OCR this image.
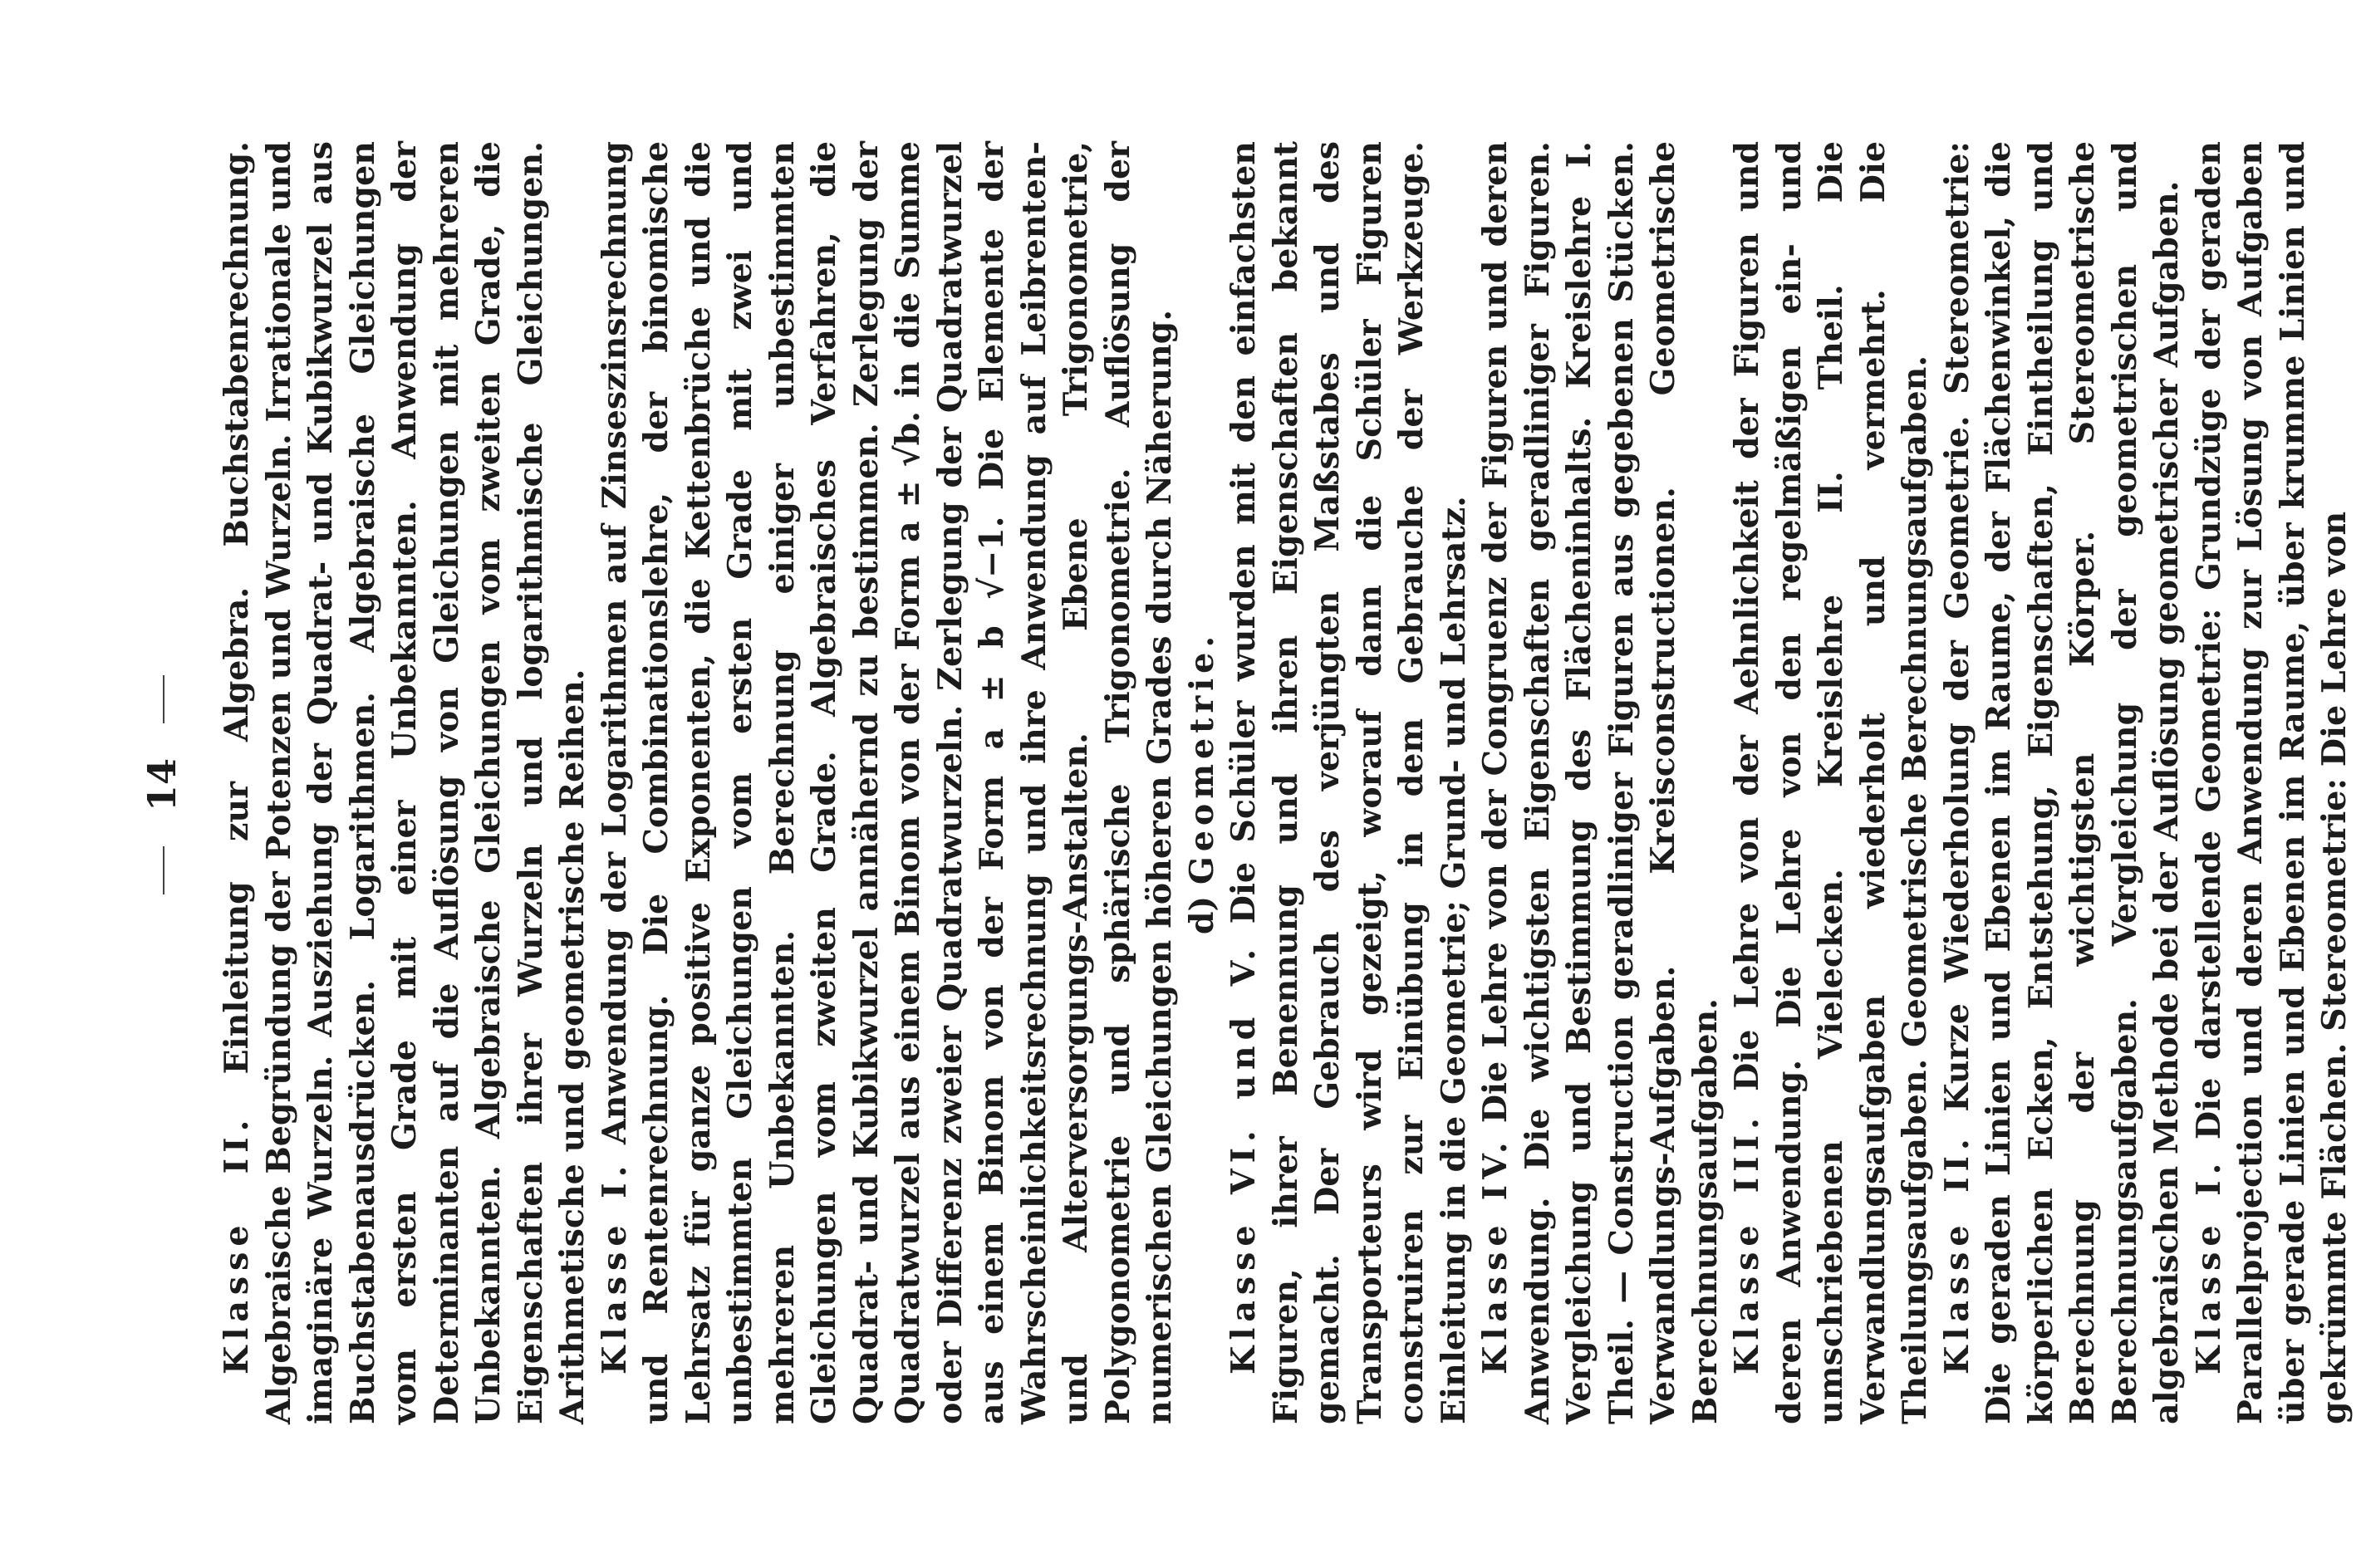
14

Klasse II. Einleitung zur Algebra. Buchstabenrechnung. Algebraische Begründung der Potenzen und Wurzeln. Irrationale und imaginäre Wurzeln. Ausziehung der Quadrat- und Kubikwurzel aus Buchstabenausdrücken. Logarithmen. Algebraische Gleichungen vom ersten Grade mit einer Unbekannten. Anwendung der Determinanten auf die Auflösung von Gleichungen mit mehreren Unbekannten. Algebraische Gleichungen vom zweiten Grade, die Eigenschaften ihrer Wurzeln und logarithmische Gleichungen. Arithmetische und geometrische Reihen. Klasse I. Anwendung der Logarithmen auf Zinseszinsrechnung und Rentenrechnung. Die Combinationslehre, der binomische Lehrsatz für ganze positive Exponenten, die Kettenbrüche und die unbestimmten Gleichungen vom ersten Grade mit zwei und mehreren Unbekannten. Berechnung einiger unbestimmten Gleichungen vom zweiten Grade. Algebraisches Verfahren, die Quadrat- und Kubikwurzel annähernd zu bestimmen. Zerlegung der Quadratwurzel aus einem Binom von der Form a ± √b. in die Summe oder Differenz zweier Quadratwurzeln. Zerlegung der Quadratwurzel aus einem Binom von der Form a ± b √−1. Die Elemente der Wahrscheinlichkeitsrechnung und ihre Anwendung auf Leibrenten- und Alterversorgungs-Anstalten. Ebene Trigonometrie, Polygonometrie und sphärische Trigonometrie. Auflösung der numerischen Gleichungen höheren Grades durch Näherung. d) Geometrie.

Klasse VI. und V. Die Schüler wurden mit den einfachsten Figuren, ihrer Benennung und ihren Eigenschaften bekannt gemacht. Der Gebrauch des verjüngten Maßstabes und des Transporteurs wird gezeigt, worauf dann die Schüler Figuren construiren zur Einübung in dem Gebrauche der Werkzeuge. Einleitung in die Geometrie; Grund- und Lehrsatz. Klasse IV. Die Lehre von der Congruenz der Figuren und deren Anwendung. Die wichtigsten Eigenschaften geradliniger Figuren. Vergleichung und Bestimmung des Flächeninhalts. Kreislehre I. Theil. — Construction geradliniger Figuren aus gegebenen Stücken. Verwandlungs-Aufgaben. Kreisconstructionen. Geometrische Berechnungsaufgaben. Klasse III. Die Lehre von der Aehnlichkeit der Figuren und deren Anwendung. Die Lehre von den regelmäßigen ein- und umschriebenen Vielecken. Kreislehre II. Theil. Die Verwandlungsaufgaben wiederholt und vermehrt. Die Theilungsaufgaben. Geometrische Berechnungsaufgaben. Klasse II. Kurze Wiederholung der Geometrie. Stereometrie: Die geraden Linien und Ebenen im Raume, der Flächenwinkel, die körperlichen Ecken, Entstehung, Eigenschaften, Eintheilung und Berechnung der wichtigsten Körper. Stereometrische Berechnungsaufgaben. Vergleichung der geometrischen und algebraischen Methode bei der Auflösung geometrischer Aufgaben. Klasse I. Die darstellende Geometrie: Grundzüge der geraden Parallelprojection und deren Anwendung zur Lösung von Aufgaben über gerade Linien und Ebenen im Raume, über krumme Linien und gekrümmte Flächen. Stereometrie: Die Lehre von
